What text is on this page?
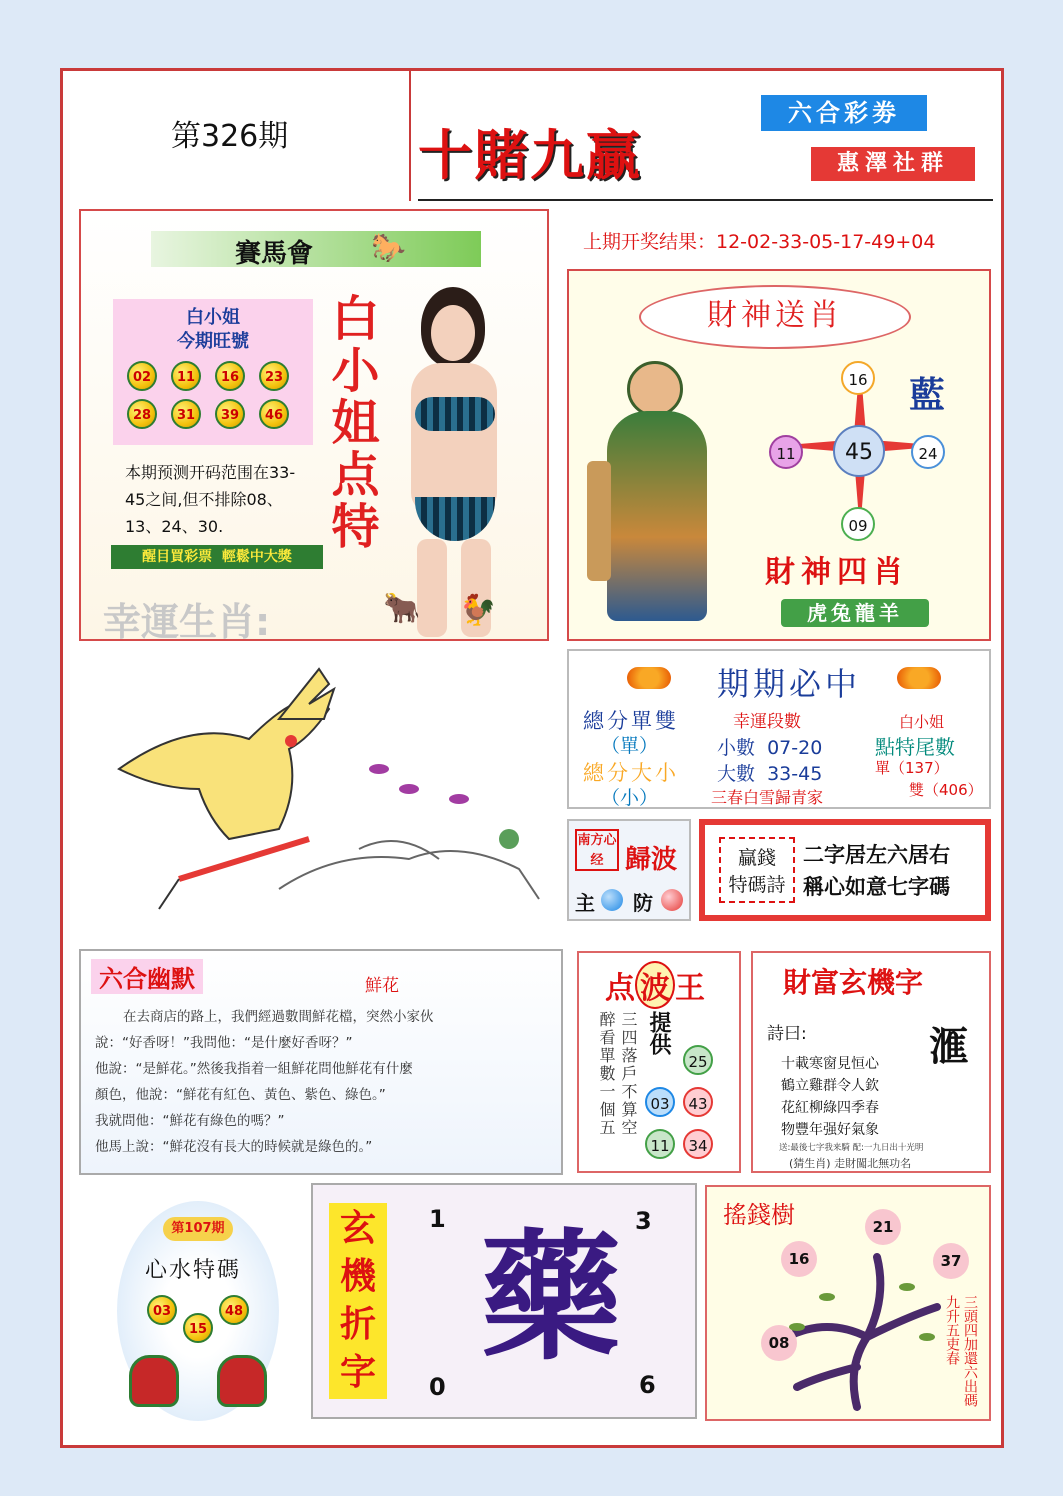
第326期 十賭九贏
六合彩劵
惠澤社群
上期开奖结果：12-02-33-05-17-49+04
賽馬會 🐎
白小姐
今期旺號
02	11	16	23
28	31	39	46
本期预测开码范围在33-45之间,但不排除08、13、24、30.
醒目買彩票  輕鬆中大獎
幸運生肖:
白小姐点特
🐂 🐓
財神送肖
16
11	45	24
09
藍
財神四肖
虎兔龍羊
期期必中
總分單雙
（單）
總分大小
（小）
幸運段數
小數  07-20
大數  33-45
三春白雪歸青家
白小姐
點特尾數
單（137）
雙（406）
南方心经 歸波
主 防
贏錢
特碼詩
二字居左六居右
稱心如意七字碼
六合幽默	鮮花
在去商店的路上，我們經過數間鮮花檔，突然小家伙
說：“好香呀！”我問他：“是什麼好香呀？”
他說：“是鮮花。”然後我指着一組鮮花問他鮮花有什麼
顏色，他說：“鮮花有紅色、黃色、紫色、綠色。”
我就問他：“鮮花有綠色的嗎？”
他馬上說：“鮮花沒有長大的時候就是綠色的。”
点 波 王
醉看單數一個五 三四落戶不算空 提供
25
03	43
11	34
財富玄機字
詩曰:	滙
十載寒窗見恒心
鶴立雞群令人欽
花紅柳綠四季春
物豐年强好氣象
送:最後七字我来騎 配:一九日出十光明
(猜生肖) 走財闖北無功名
第107期
心水特碼
03
15
48
玄機折字
1	3
0	6
藥
搖錢樹	21
16	37
08	三頭四加還六出碼九升五吏春
